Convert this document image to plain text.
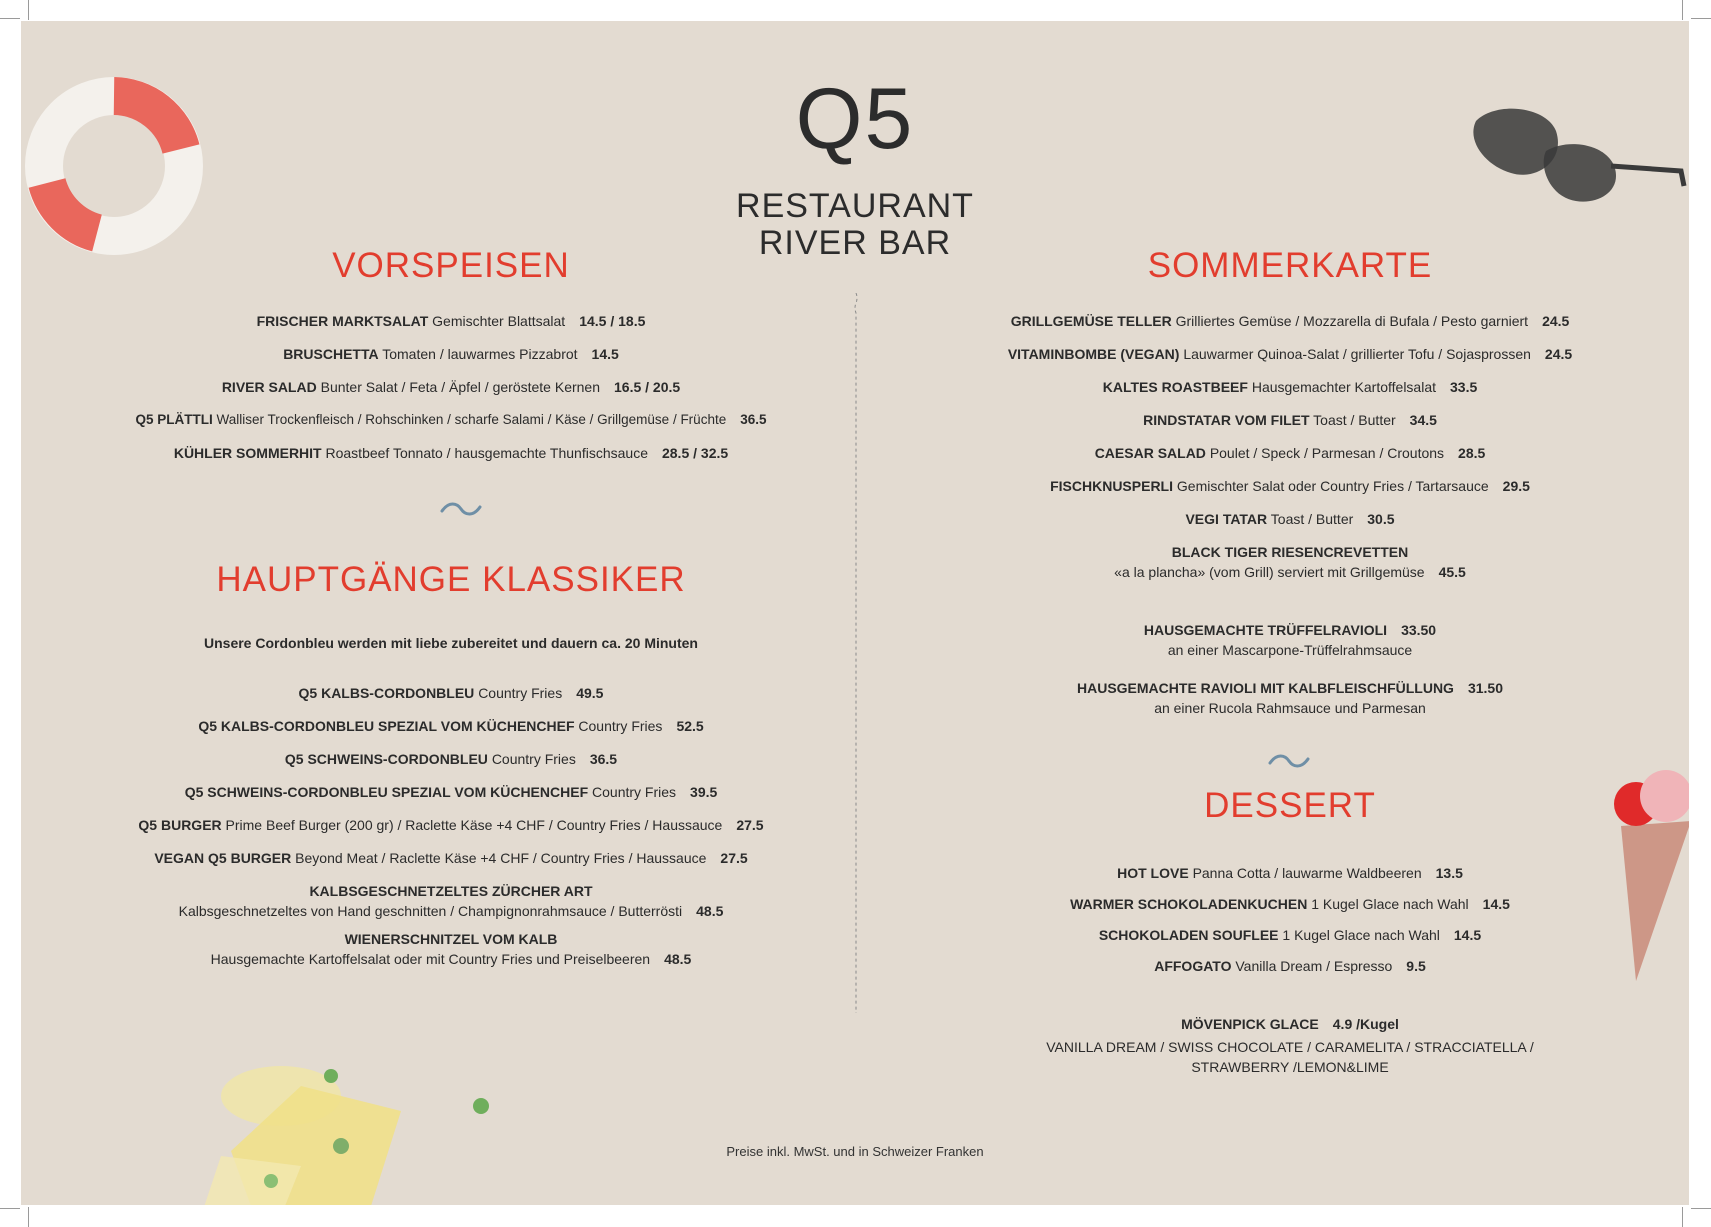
Q5
RESTAURANT
RIVER BAR
VORSPEISEN
FRISCHER MARKTSALAT Gemischter Blattsalat 14.5 / 18.5
BRUSCHETTA Tomaten / lauwarmes Pizzabrot 14.5
RIVER SALAD Bunter Salat / Feta / Äpfel / geröstete Kernen 16.5 / 20.5
Q5 PLÄTTLI Walliser Trockenfleisch / Rohschinken / scharfe Salami / Käse / Grillgemüse / Früchte 36.5
KÜHLER SOMMERHIT Roastbeef Tonnato / hausgemachte Thunfischsauce 28.5 / 32.5
HAUPTGÄNGE KLASSIKER
Unsere Cordonbleu werden mit liebe zubereitet und dauern ca. 20 Minuten
Q5 KALBS-CORDONBLEU Country Fries 49.5
Q5 KALBS-CORDONBLEU SPEZIAL VOM KÜCHENCHEF Country Fries 52.5
Q5 SCHWEINS-CORDONBLEU Country Fries 36.5
Q5 SCHWEINS-CORDONBLEU SPEZIAL VOM KÜCHENCHEF Country Fries 39.5
Q5 BURGER Prime Beef Burger (200 gr) / Raclette Käse +4 CHF / Country Fries / Haussauce 27.5
VEGAN Q5 BURGER Beyond Meat / Raclette Käse +4 CHF / Country Fries / Haussauce 27.5
KALBSGESCHNETZELTES ZÜRCHER ART
Kalbsgeschnetzeltes von Hand geschnitten / Champignonrahmsauce / Butterrösti 48.5
WIENERSCHNITZEL VOM KALB
Hausgemachte Kartoffelsalat oder mit Country Fries und Preiselbeeren 48.5
SOMMERKARTE
GRILLGEMÜSE TELLER Grilliertes Gemüse / Mozzarella di Bufala / Pesto garniert 24.5
VITAMINBOMBE (VEGAN) Lauwarmer Quinoa-Salat / grillierter Tofu / Sojasprossen 24.5
KALTES ROASTBEEF Hausgemachter Kartoffelsalat 33.5
RINDSTATAR VOM FILET Toast / Butter 34.5
CAESAR SALAD Poulet / Speck / Parmesan / Croutons 28.5
FISCHKNUSPERLI Gemischter Salat oder Country Fries / Tartarsauce 29.5
VEGI TATAR Toast / Butter 30.5
BLACK TIGER RIESENCREVETTEN
«a la plancha» (vom Grill) serviert mit Grillgemüse 45.5
HAUSGEMACHTE TRÜFFELRAVIOLI 33.50
an einer Mascarpone-Trüffelrahmsauce
HAUSGEMACHTE RAVIOLI MIT KALBFLEISCHFÜLLUNG 31.50
an einer Rucola Rahmsauce und Parmesan
DESSERT
HOT LOVE Panna Cotta / lauwarme Waldbeeren 13.5
WARMER SCHOKOLADENKUCHEN 1 Kugel Glace nach Wahl 14.5
SCHOKOLADEN SOUFLEE 1 Kugel Glace nach Wahl 14.5
AFFOGATO Vanilla Dream / Espresso 9.5
MÖVENPICK GLACE 4.9 /Kugel
VANILLA DREAM / SWISS CHOCOLATE / CARAMELITA / STRACCIATELLA /
STRAWBERRY /LEMON&LIME
Preise inkl. MwSt. und in Schweizer Franken
